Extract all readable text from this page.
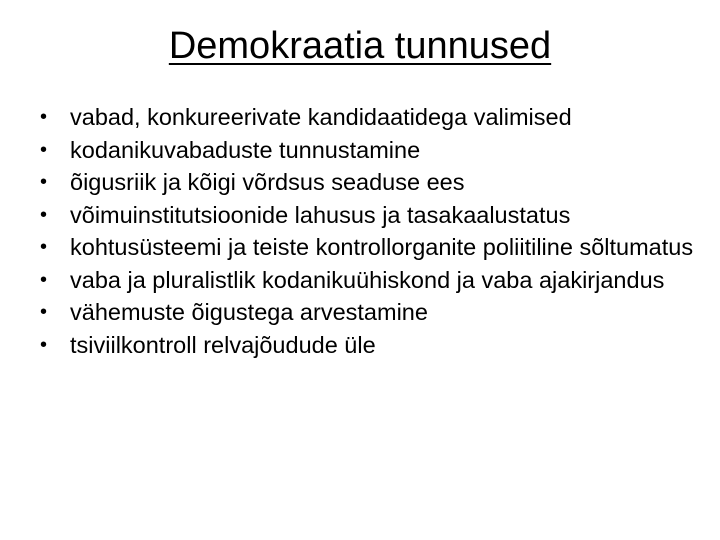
Demokraatia tunnused
• vabad, konkureerivate kandidaatidega valimised
• kodanikuvabaduste tunnustamine
• õigusriik ja kõigi võrdsus seaduse ees
• võimuinstitutsioonide lahusus ja tasakaalustatus
• kohtusüsteemi ja teiste kontrollorganite poliitiline sõltumatus
• vaba ja pluralistlik kodanikuühiskond ja vaba ajakirjandus
• vähemuste õigustega arvestamine
• tsiviilkontroll relvajõudude üle
